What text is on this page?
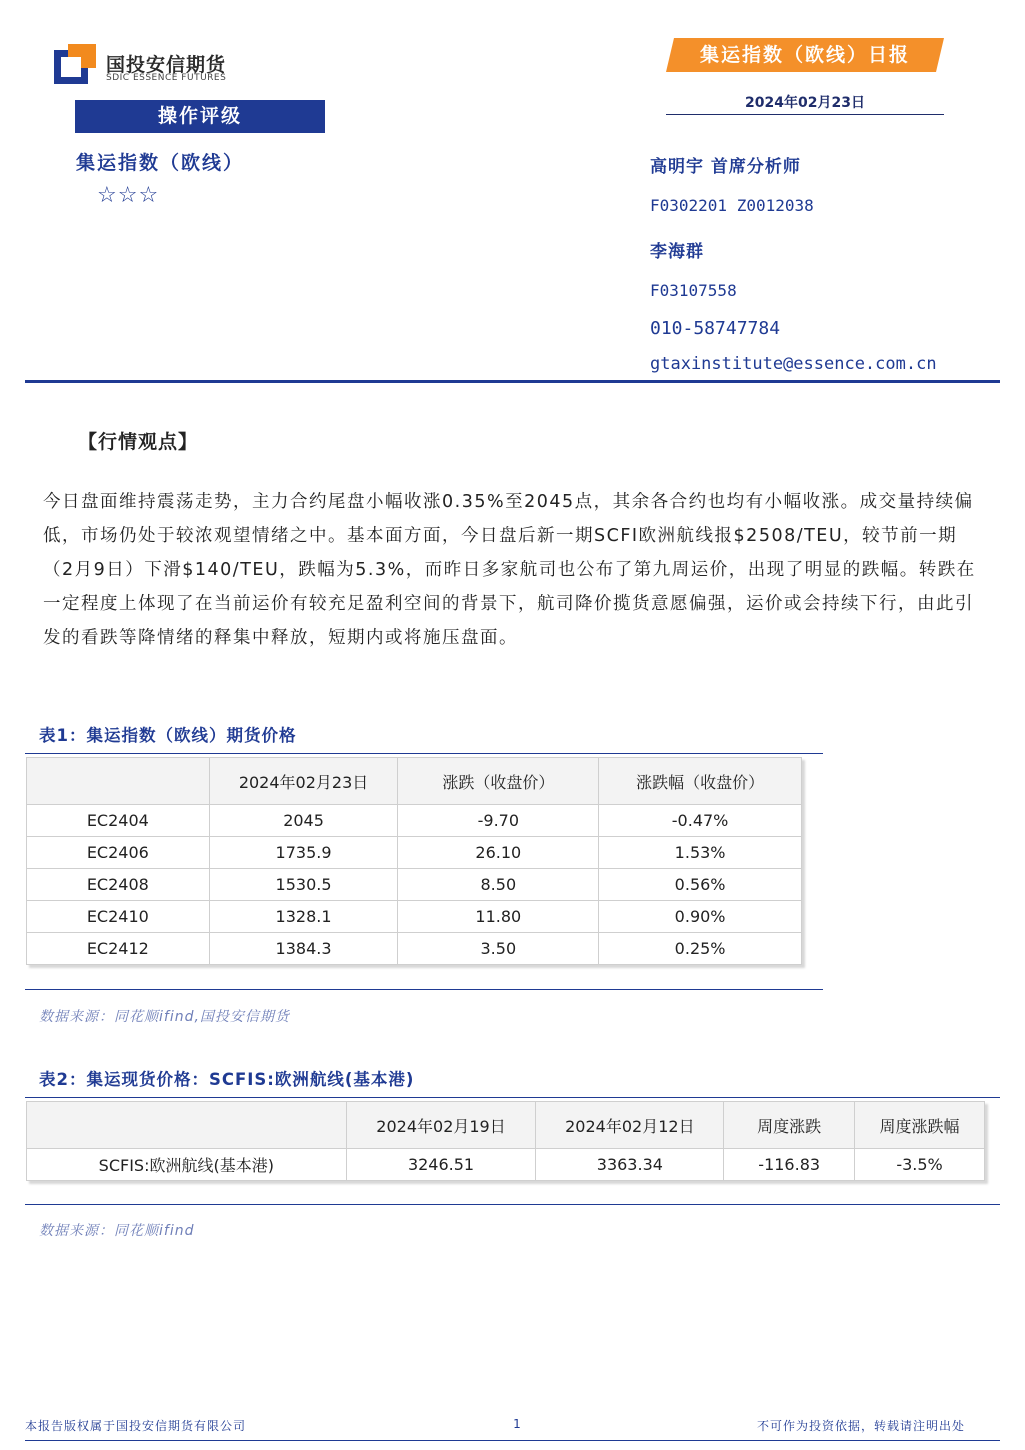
国投安信期货
SDIC ESSENCE FUTURES
集运指数（欧线）日报
2024年02月23日
操作评级
集运指数（欧线）
☆☆☆
高明宇 首席分析师
F0302201 Z0012038
李海群
F03107558
010-58747784
gtaxinstitute@essence.com.cn
【行情观点】
今日盘面维持震荡走势，主力合约尾盘小幅收涨0.35%至2045点，其余各合约也均有小幅收涨。成交量持续偏低，市场仍处于较浓观望情绪之中。基本面方面，今日盘后新一期SCFI欧洲航线报$2508/TEU，较节前一期（2月9日）下滑$140/TEU，跌幅为5.3%，而昨日多家航司也公布了第九周运价，出现了明显的跌幅。转跌在一定程度上体现了在当前运价有较充足盈利空间的背景下，航司降价揽货意愿偏强，运价或会持续下行，由此引发的看跌等降情绪的释集中释放，短期内或将施压盘面。
表1：集运指数（欧线）期货价格
	2024年02月23日	涨跌（收盘价）	涨跌幅（收盘价）
EC2404	2045	-9.70	-0.47%
EC2406	1735.9	26.10	1.53%
EC2408	1530.5	8.50	0.56%
EC2410	1328.1	11.80	0.90%
EC2412	1384.3	3.50	0.25%
数据来源：同花顺ifind,国投安信期货
表2：集运现货价格：SCFIS:欧洲航线(基本港)
	2024年02月19日	2024年02月12日	周度涨跌	周度涨跌幅
SCFIS:欧洲航线(基本港)	3246.51	3363.34	-116.83	-3.5%
数据来源：同花顺ifind
本报告版权属于国投安信期货有限公司	1	不可作为投资依据，转载请注明出处
